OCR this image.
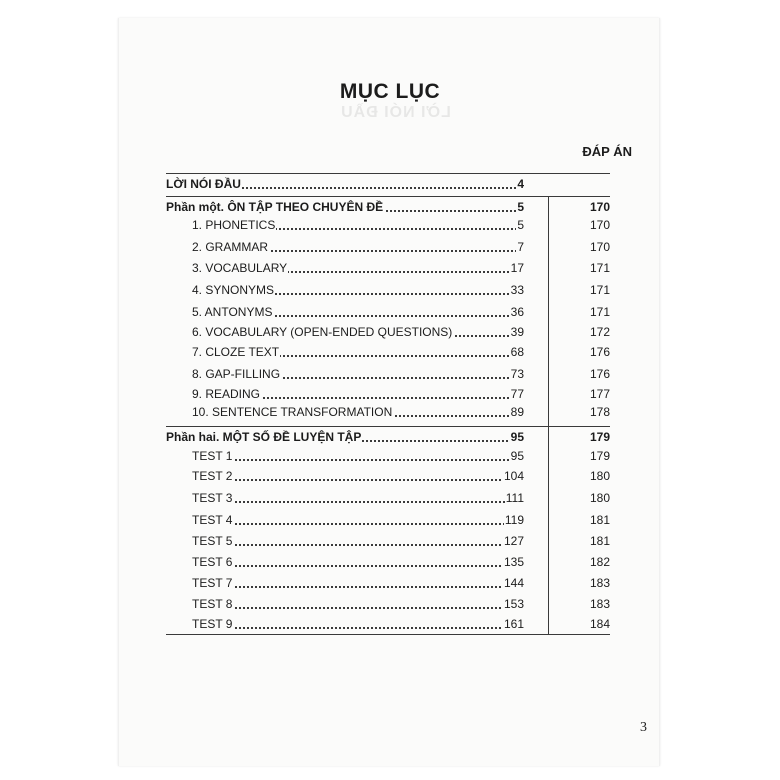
LỜI NÓI ĐẦU
MỤC LỤC
ĐÁP ÁN
LỜI NÓI ĐẦU	4
Phần một. ÔN TẬP THEO CHUYÊN ĐỀ	5	170
1. PHONETICS	5	170
2. GRAMMAR	7	170
3. VOCABULARY	17	171
4. SYNONYMS	33	171
5. ANTONYMS	36	171
6. VOCABULARY (OPEN-ENDED QUESTIONS)	39	172
7. CLOZE TEXT	68	176
8. GAP-FILLING	73	176
9. READING	77	177
10. SENTENCE TRANSFORMATION	89	178
Phần hai. MỘT SỐ ĐỀ LUYỆN TẬP	95	179
TEST 1	95	179
TEST 2	104	180
TEST 3	111	180
TEST 4	119	181
TEST 5	127	181
TEST 6	135	182
TEST 7	144	183
TEST 8	153	183
TEST 9	161	184
3
